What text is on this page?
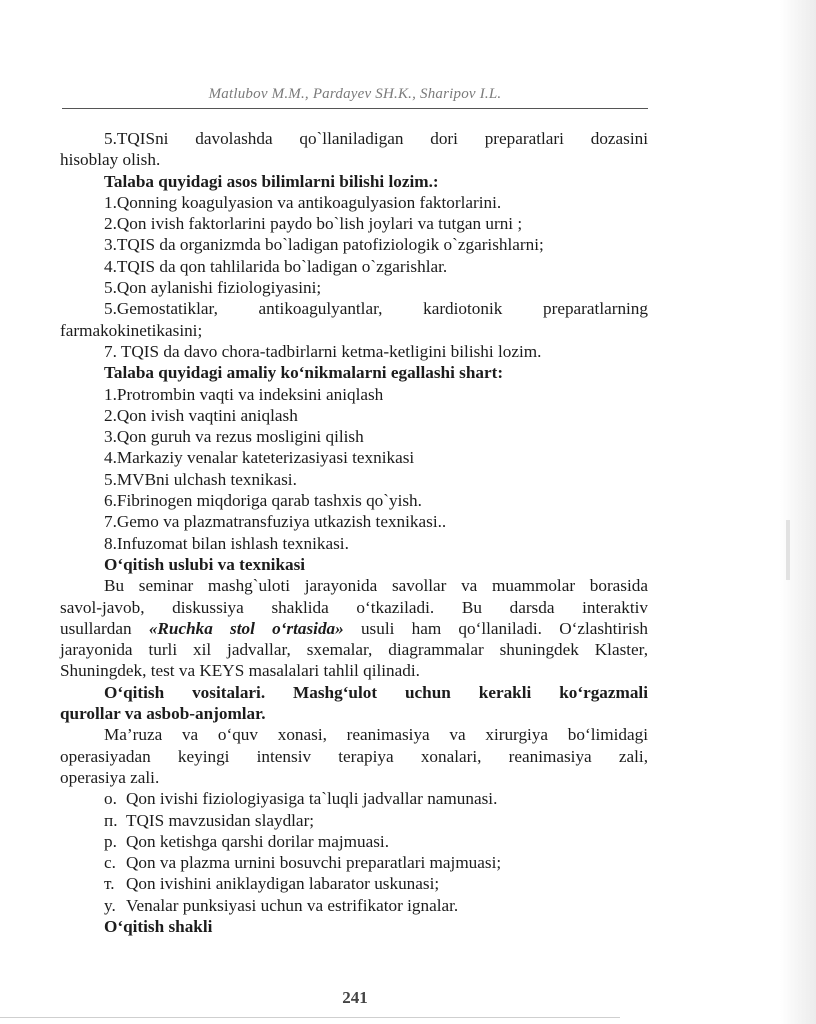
Matlubov M.M., Pardayev SH.K., Sharipov I.L.

5.TQISni davolashda qo`llaniladigan dori preparatlari dozasini

hisoblay olish.

Talaba quyidagi asos bilimlarni bilishi lozim.:

1.Qonning koagulyasion va antikoagulyasion faktorlarini.

2.Qon ivish faktorlarini paydo bo`lish joylari va tutgan urni ;

3.TQIS da organizmda bo`ladigan patofiziologik o`zgarishlarni;

4.TQIS da qon tahlilarida bo`ladigan o`zgarishlar.

5.Qon aylanishi fiziologiyasini;

5.Gemostatiklar, antikoagulyantlar, kardiotonik preparatlarning

farmakokinetikasini;

7. TQIS da davo chora-tadbirlarni ketma-ketligini bilishi lozim.

Talaba quyidagi amaliy ko‘nikmalarni egallashi shart:

1.Protrombin vaqti va indeksini aniqlash

2.Qon ivish vaqtini aniqlash

3.Qon guruh va rezus mosligini qilish

4.Markaziy venalar kateterizasiyasi texnikasi

5.MVBni ulchash texnikasi.

6.Fibrinogen miqdoriga qarab tashxis qo`yish.

7.Gemo va plazmatransfuziya utkazish texnikasi..

8.Infuzomat bilan ishlash texnikasi.

O‘qitish uslubi va texnikasi

Bu seminar mashg`uloti jarayonida savollar va muammolar borasida

savol-javob, diskussiya shaklida o‘tkaziladi. Bu darsda interaktiv

usullardan «Ruchka stol o‘rtasida» usuli ham qo‘llaniladi. O‘zlashtirish

jarayonida turli xil jadvallar, sxemalar, diagrammalar shuningdek Klaster,

Shuningdek, test va KEYS masalalari tahlil qilinadi.

O‘qitish vositalari. Mashg‘ulot uchun kerakli ko‘rgazmali

qurollar va asbob-anjomlar.

Ma’ruza va o‘quv xonasi, reanimasiya va xirurgiya bo‘limidagi

operasiyadan keyingi intensiv terapiya xonalari, reanimasiya zali,

operasiya zali.

o. Qon ivishi fiziologiyasiga ta`luqli jadvallar namunasi.
п. TQIS mavzusidan slaydlar;
p. Qon ketishga qarshi dorilar majmuasi.
c. Qon va plazma urnini bosuvchi preparatlari majmuasi;
т. Qon ivishini aniklaydigan labarator uskunasi;
y. Venalar punksiyasi uchun va estrifikator ignalar.

O‘qitish shakli

241
